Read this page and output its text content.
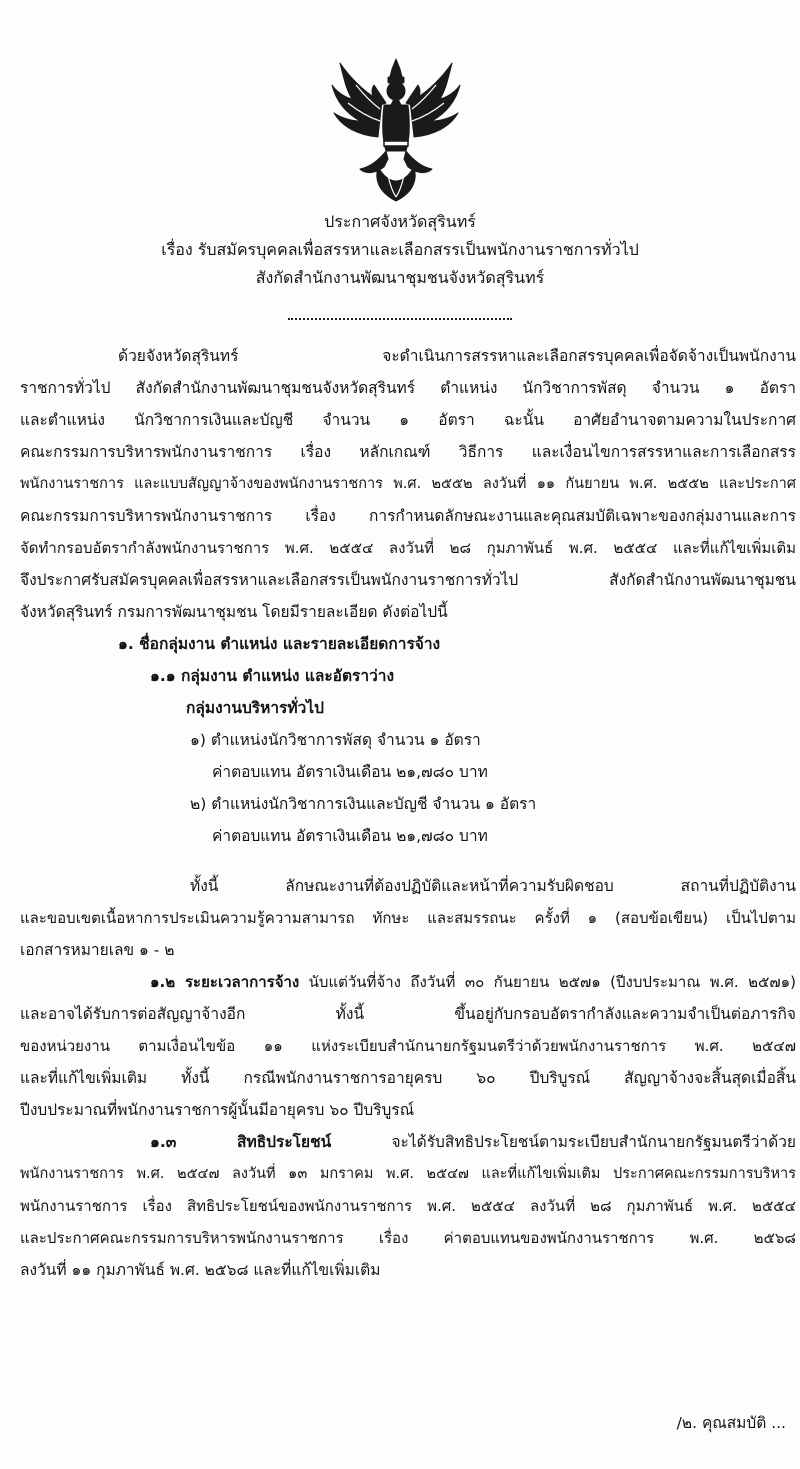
ประกาศจังหวัดสุรินทร์
เรื่อง รับสมัครบุคคลเพื่อสรรหาและเลือกสรรเป็นพนักงานราชการทั่วไป
สังกัดสำนักงานพัฒนาชุมชนจังหวัดสุรินทร์
ด้วยจังหวัดสุรินทร์ จะดำเนินการสรรหาและเลือกสรรบุคคลเพื่อจัดจ้างเป็นพนักงาน
ราชการทั่วไป สังกัดสำนักงานพัฒนาชุมชนจังหวัดสุรินทร์ ตำแหน่ง นักวิชาการพัสดุ จำนวน ๑ อัตรา
และตำแหน่ง นักวิชาการเงินและบัญชี จำนวน ๑ อัตรา ฉะนั้น อาศัยอำนาจตามความในประกาศ
คณะกรรมการบริหารพนักงานราชการ เรื่อง หลักเกณฑ์ วิธีการ และเงื่อนไขการสรรหาและการเลือกสรร
พนักงานราชการ และแบบสัญญาจ้างของพนักงานราชการ พ.ศ. ๒๕๕๒ ลงวันที่ ๑๑ กันยายน พ.ศ. ๒๕๕๒ และประกาศ
คณะกรรมการบริหารพนักงานราชการ เรื่อง การกำหนดลักษณะงานและคุณสมบัติเฉพาะของกลุ่มงานและการ
จัดทำกรอบอัตรากำลังพนักงานราชการ พ.ศ. ๒๕๕๔ ลงวันที่ ๒๘ กุมภาพันธ์ พ.ศ. ๒๕๕๔ และที่แก้ไขเพิ่มเติม
จึงประกาศรับสมัครบุคคลเพื่อสรรหาและเลือกสรรเป็นพนักงานราชการทั่วไป สังกัดสำนักงานพัฒนาชุมชน
จังหวัดสุรินทร์ กรมการพัฒนาชุมชน โดยมีรายละเอียด ดังต่อไปนี้
๑. ชื่อกลุ่มงาน ตำแหน่ง และรายละเอียดการจ้าง
๑.๑ กลุ่มงาน ตำแหน่ง และอัตราว่าง
กลุ่มงานบริหารทั่วไป
๑) ตำแหน่งนักวิชาการพัสดุ จำนวน ๑ อัตรา
ค่าตอบแทน อัตราเงินเดือน ๒๑,๗๘๐ บาท
๒) ตำแหน่งนักวิชาการเงินและบัญชี จำนวน ๑ อัตรา
ค่าตอบแทน อัตราเงินเดือน ๒๑,๗๘๐ บาท
ทั้งนี้ ลักษณะงานที่ต้องปฏิบัติและหน้าที่ความรับผิดชอบ สถานที่ปฏิบัติงาน
และขอบเขตเนื้อหาการประเมินความรู้ความสามารถ ทักษะ และสมรรถนะ ครั้งที่ ๑ (สอบข้อเขียน) เป็นไปตาม
เอกสารหมายเลข ๑ - ๒
๑.๒ ระยะเวลาการจ้าง นับแต่วันที่จ้าง ถึงวันที่ ๓๐ กันยายน ๒๕๗๑ (ปีงบประมาณ พ.ศ. ๒๕๗๑)
และอาจได้รับการต่อสัญญาจ้างอีก ทั้งนี้ ขึ้นอยู่กับกรอบอัตรากำลังและความจำเป็นต่อภารกิจ
ของหน่วยงาน ตามเงื่อนไขข้อ ๑๑ แห่งระเบียบสำนักนายกรัฐมนตรีว่าด้วยพนักงานราชการ พ.ศ. ๒๕๔๗
และที่แก้ไขเพิ่มเติม ทั้งนี้ กรณีพนักงานราชการอายุครบ ๖๐ ปีบริบูรณ์ สัญญาจ้างจะสิ้นสุดเมื่อสิ้น
ปีงบประมาณที่พนักงานราชการผู้นั้นมีอายุครบ ๖๐ ปีบริบูรณ์
๑.๓ สิทธิประโยชน์ จะได้รับสิทธิประโยชน์ตามระเบียบสำนักนายกรัฐมนตรีว่าด้วย
พนักงานราชการ พ.ศ. ๒๕๔๗ ลงวันที่ ๑๓ มกราคม พ.ศ. ๒๕๔๗ และที่แก้ไขเพิ่มเติม ประกาศคณะกรรมการบริหาร
พนักงานราชการ เรื่อง สิทธิประโยชน์ของพนักงานราชการ พ.ศ. ๒๕๕๔ ลงวันที่ ๒๘ กุมภาพันธ์ พ.ศ. ๒๕๕๔
และประกาศคณะกรรมการบริหารพนักงานราชการ เรื่อง ค่าตอบแทนของพนักงานราชการ พ.ศ. ๒๕๖๘
ลงวันที่ ๑๑ กุมภาพันธ์ พ.ศ. ๒๕๖๘ และที่แก้ไขเพิ่มเติม
/๒. คุณสมบัติ ...
